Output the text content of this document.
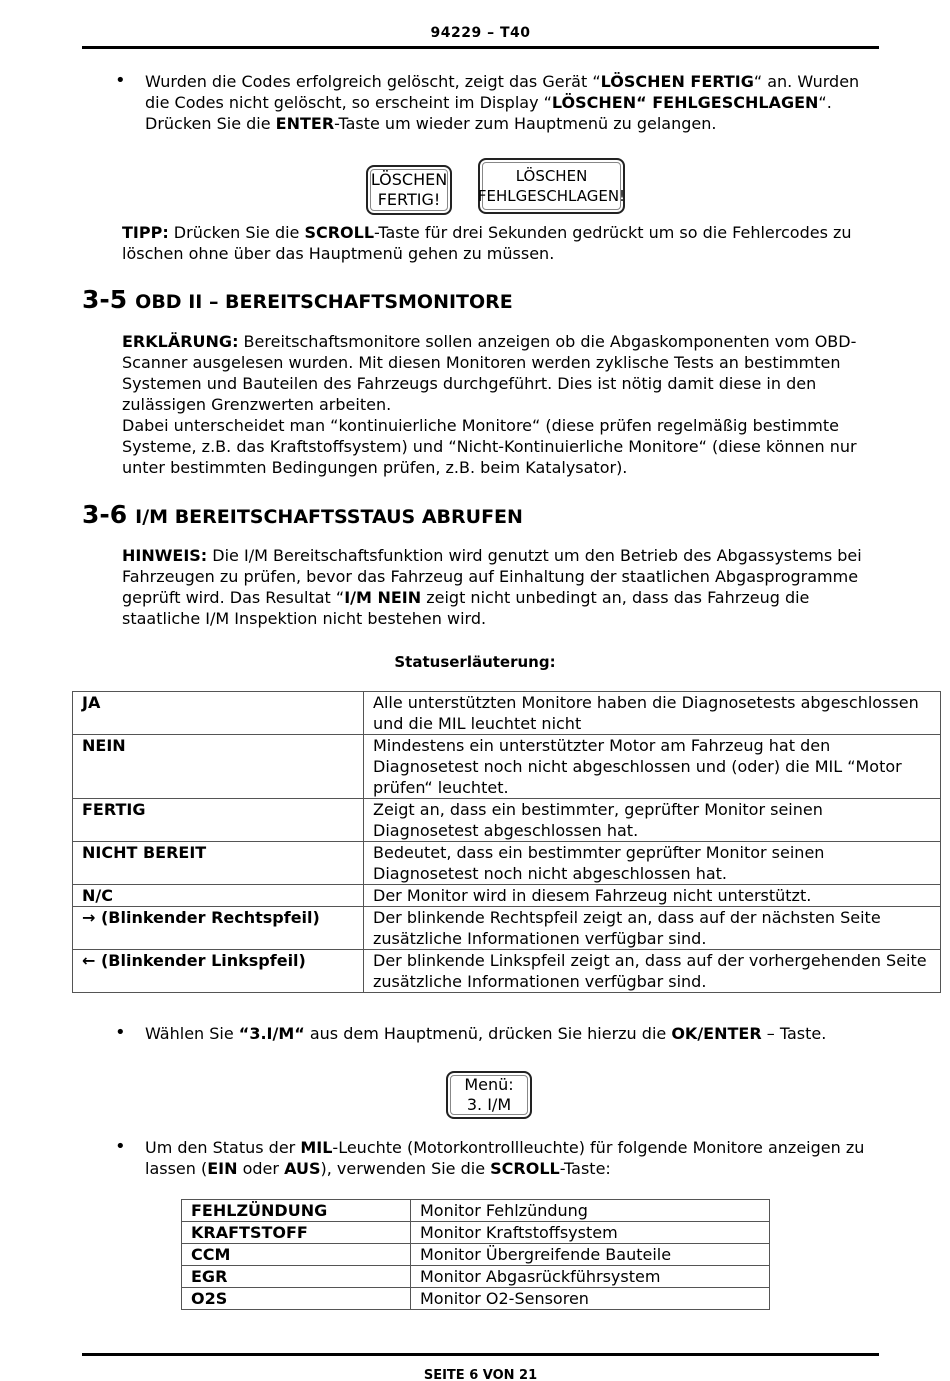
94229 – T40
• Wurden die Codes erfolgreich gelöscht, zeigt das Gerät “LÖSCHEN FERTIG“ an. Wurden die Codes nicht gelöscht, so erscheint im Display “LÖSCHEN“ FEHLGESCHLAGEN“. Drücken Sie die ENTER-Taste um wieder zum Hauptmenü zu gelangen.
LÖSCHEN
FERTIG!
LÖSCHEN
FEHLGESCHLAGEN!
TIPP: Drücken Sie die SCROLL-Taste für drei Sekunden gedrückt um so die Fehlercodes zu löschen ohne über das Hauptmenü gehen zu müssen.
3-5 OBD II – BEREITSCHAFTSMONITORE
ERKLÄRUNG: Bereitschaftsmonitore sollen anzeigen ob die Abgaskomponenten vom OBD-Scanner ausgelesen wurden. Mit diesen Monitoren werden zyklische Tests an bestimmten Systemen und Bauteilen des Fahrzeugs durchgeführt. Dies ist nötig damit diese in den zulässigen Grenzwerten arbeiten.
Dabei unterscheidet man “kontinuierliche Monitore“ (diese prüfen regelmäßig bestimmte Systeme, z.B. das Kraftstoffsystem) und “Nicht-Kontinuierliche Monitore“ (diese können nur unter bestimmten Bedingungen prüfen, z.B. beim Katalysator).
3-6 I/M BEREITSCHAFTSSTAUS ABRUFEN
HINWEIS: Die I/M Bereitschaftsfunktion wird genutzt um den Betrieb des Abgassystems bei Fahrzeugen zu prüfen, bevor das Fahrzeug auf Einhaltung der staatlichen Abgasprogramme geprüft wird. Das Resultat “I/M NEIN zeigt nicht unbedingt an, dass das Fahrzeug die staatliche I/M Inspektion nicht bestehen wird.
Statuserläuterung:
JA	Alle unterstützten Monitore haben die Diagnosetests abgeschlossen und die MIL leuchtet nicht
NEIN	Mindestens ein unterstützter Motor am Fahrzeug hat den Diagnosetest noch nicht abgeschlossen und (oder) die MIL “Motor prüfen“ leuchtet.
FERTIG	Zeigt an, dass ein bestimmter, geprüfter Monitor seinen Diagnosetest abgeschlossen hat.
NICHT BEREIT	Bedeutet, dass ein bestimmter geprüfter Monitor seinen Diagnosetest noch nicht abgeschlossen hat.
N/C	Der Monitor wird in diesem Fahrzeug nicht unterstützt.
→ (Blinkender Rechtspfeil)	Der blinkende Rechtspfeil zeigt an, dass auf der nächsten Seite zusätzliche Informationen verfügbar sind.
← (Blinkender Linkspfeil)	Der blinkende Linkspfeil zeigt an, dass auf der vorhergehenden Seite zusätzliche Informationen verfügbar sind.
• Wählen Sie “3.I/M“ aus dem Hauptmenü, drücken Sie hierzu die OK/ENTER – Taste.
Menü:
3. I/M
• Um den Status der MIL-Leuchte (Motorkontrollleuchte) für folgende Monitore anzeigen zu lassen (EIN oder AUS), verwenden Sie die SCROLL-Taste:
FEHLZÜNDUNG	Monitor Fehlzündung
KRAFTSTOFF	Monitor Kraftstoffsystem
CCM	Monitor Übergreifende Bauteile
EGR	Monitor Abgasrückführsystem
O2S	Monitor O2-Sensoren
SEITE 6 VON 21
